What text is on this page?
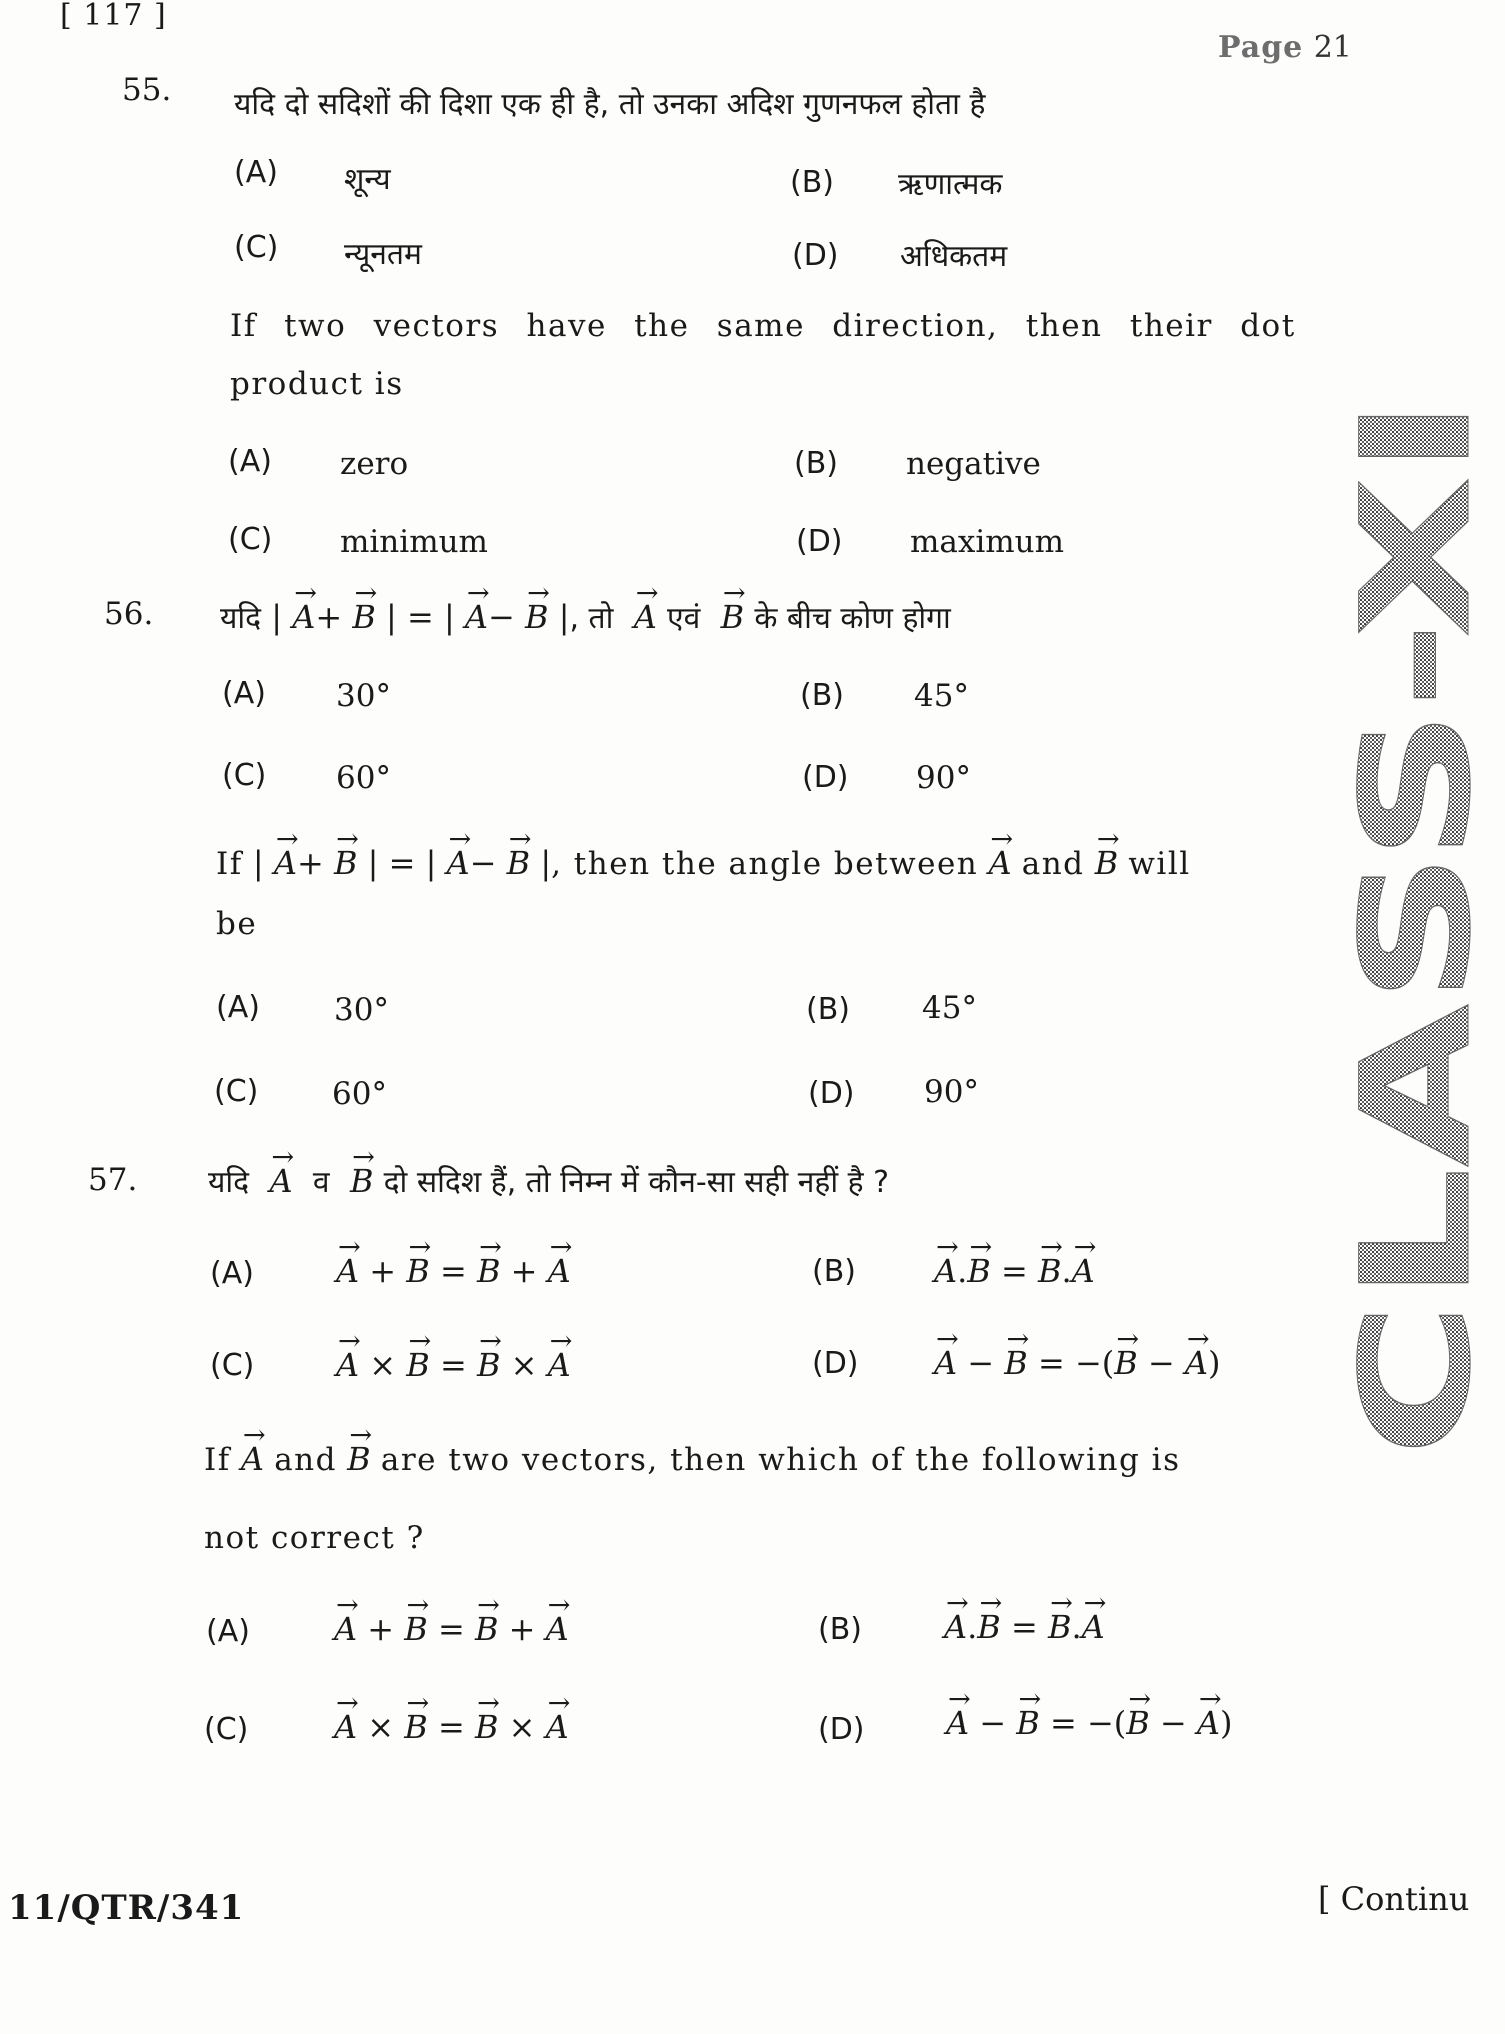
[ 117 ]
Page 21
55. यदि दो सदिशों की दिशा एक ही है, तो उनका अदिश गुणनफल होता है
(A) शून्य	(B) ऋणात्मक
(C) न्यूनतम	(D) अधिकतम
If two vectors have the same direction, then their dot
product is
(A) zero	(B) negative
(C) minimum	(D) maximum
56. यदि | → A+ → B | = | → A− → B |, तो → A एवं → B के बीच कोण होगा
(A) 30°	(B) 45°
(C) 60°	(D) 90°
If | → A+ → B | = | → A− → B |, then the angle between → A and → B will
be
(A) 30°	(B) 45°
(C) 60°	(D) 90°
57. यदि → A व → B दो सदिश हैं, तो निम्न में कौन-सा सही नहीं है ?
(A)	→ A + → B = → B + → A	(B) → A.→ B = → B.→ A
(C)	→ A × → B = → B × → A	(D) → A − → B = −(→ B − → A)
If → A and → B are two vectors, then which of the following is
not correct ?
(A)	→ A + → B = → B + → A	(B)	→ A.→ B = → B.→ A
(C)	→ A × → B = → B × → A	(D)	→ A − → B = −(→ B − → A)
CLASS-XI
11/QTR/341	[ Continu
